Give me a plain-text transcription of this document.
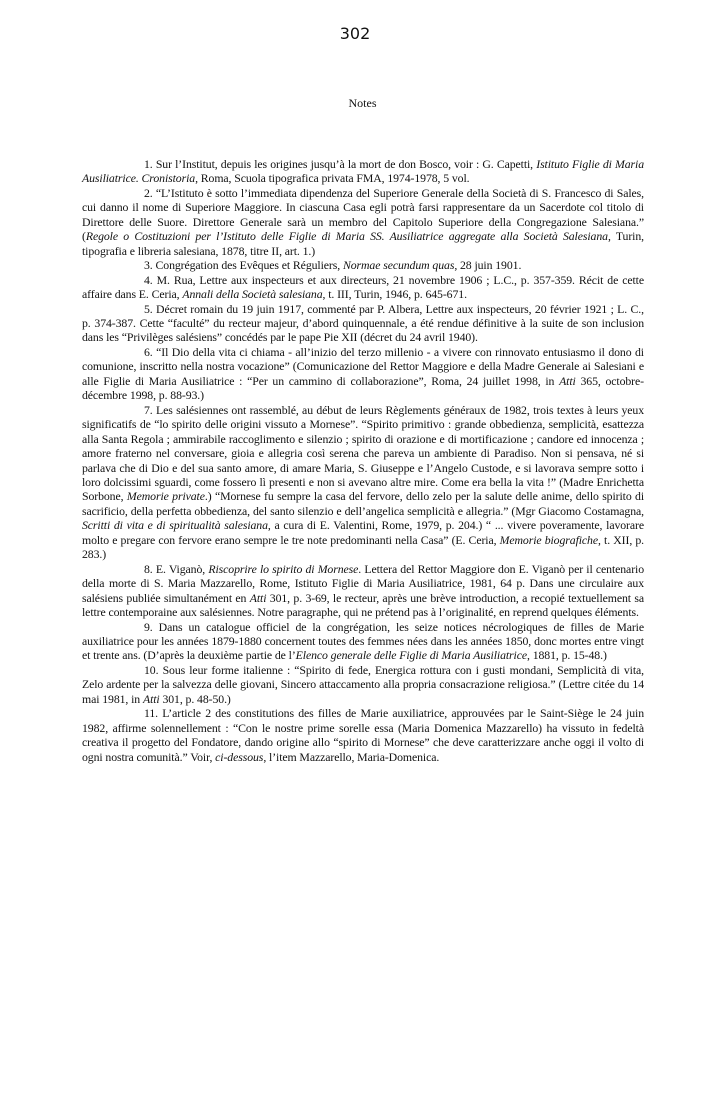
302
Notes

1. Sur l’Institut, depuis les origines jusqu’à la mort de don Bosco, voir : G. Capetti, Istituto Figlie di Maria Ausiliatrice. Cronistoria, Roma, Scuola tipografica privata FMA, 1974-1978, 5 vol.

2. “L’Istituto è sotto l’immediata dipendenza del Superiore Generale della Società di S. Francesco di Sales, cui danno il nome di Superiore Maggiore. In ciascuna Casa egli potrà farsi rappresentare da un Sacerdote col titolo di Direttore delle Suore. Direttore Generale sarà un membro del Capitolo Superiore della Congregazione Salesiana.” (Regole o Costituzioni per l’Istituto delle Figlie di Maria SS. Ausiliatrice aggregate alla Società Salesiana, Turin, tipografia e libreria salesiana, 1878, titre II, art. 1.)

3. Congrégation des Evêques et Réguliers, Normae secundum quas, 28 juin 1901.

4. M. Rua, Lettre aux inspecteurs et aux directeurs, 21 novembre 1906 ; L.C., p. 357-359. Récit de cette affaire dans E. Ceria, Annali della Società salesiana, t. III, Turin, 1946, p. 645-671.

5. Décret romain du 19 juin 1917, commenté par P. Albera, Lettre aux inspecteurs, 20 février 1921 ; L. C., p. 374-387. Cette “faculté” du recteur majeur, d’abord quinquennale, a été rendue définitive à la suite de son inclusion dans les “Privilèges salésiens” concédés par le pape Pie XII (décret du 24 avril 1940).

6. “Il Dio della vita ci chiama - all’inizio del terzo millenio - a vivere con rinnovato entusiasmo il dono di comunione, inscritto nella nostra vocazione” (Comunicazione del Rettor Maggiore e della Madre Generale ai Salesiani e alle Figlie di Maria Ausiliatrice : “Per un cammino di collaborazione”, Roma, 24 juillet 1998, in Atti 365, octobre-décembre 1998, p. 88-93.)

7. Les salésiennes ont rassemblé, au début de leurs Règlements généraux de 1982, trois textes à leurs yeux significatifs de “lo spirito delle origini vissuto a Mornese”. “Spirito primitivo : grande obbedienza, semplicità, esattezza alla Santa Regola ; ammirabile raccoglimento e silenzio ; spirito di orazione e di mortificazione ; candore ed innocenza ; amore fraterno nel conversare, gioia e allegria così serena che pareva un ambiente di Paradiso. Non si pensava, né si parlava che di Dio e del sua santo amore, di amare Maria, S. Giuseppe e l’Angelo Custode, e si lavorava sempre sotto i loro dolcissimi sguardi, come fossero lì presenti e non si avevano altre mire. Come era bella la vita !” (Madre Enrichetta Sorbone, Memorie private.) “Mornese fu sempre la casa del fervore, dello zelo per la salute delle anime, dello spirito di sacrificio, della perfetta obbedienza, del santo silenzio e dell’angelica semplicità e allegria.” (Mgr Giacomo Costamagna, Scritti di vita e di spiritualità salesiana, a cura di E. Valentini, Rome, 1979, p. 204.) “ ... vivere poveramente, lavorare molto e pregare con fervore erano sempre le tre note predominanti nella Casa” (E. Ceria, Memorie biografiche, t. XII, p. 283.)

8. E. Viganò, Riscoprire lo spirito di Mornese. Lettera del Rettor Maggiore don E. Viganò per il centenario della morte di S. Maria Mazzarello, Rome, Istituto Figlie di Maria Ausiliatrice, 1981, 64 p. Dans une circulaire aux salésiens publiée simultanément en Atti 301, p. 3-69, le recteur, après une brève introduction, a recopié textuellement sa lettre contemporaine aux salésiennes. Notre paragraphe, qui ne prétend pas à l’originalité, en reprend quelques éléments.

9. Dans un catalogue officiel de la congrégation, les seize notices nécrologiques de filles de Marie auxiliatrice pour les années 1879-1880 concernent toutes des femmes nées dans les années 1850, donc mortes entre vingt et trente ans. (D’après la deuxième partie de l’Elenco generale delle Figlie di Maria Ausiliatrice, 1881, p. 15-48.)

10. Sous leur forme italienne : “Spirito di fede, Energica rottura con i gusti mondani, Semplicità di vita, Zelo ardente per la salvezza delle giovani, Sincero attaccamento alla propria consacrazione religiosa.” (Lettre citée du 14 mai 1981, in Atti 301, p. 48-50.)

11. L’article 2 des constitutions des filles de Marie auxiliatrice, approuvées par le Saint-Siège le 24 juin 1982, affirme solennellement : “Con le nostre prime sorelle essa (Maria Domenica Mazzarello) ha vissuto in fedeltà creativa il progetto del Fondatore, dando origine allo “spirito di Mornese” che deve caratterizzare anche oggi il volto di ogni nostra comunità.” Voir, ci-dessous, l’item Mazzarello, Maria-Domenica.
